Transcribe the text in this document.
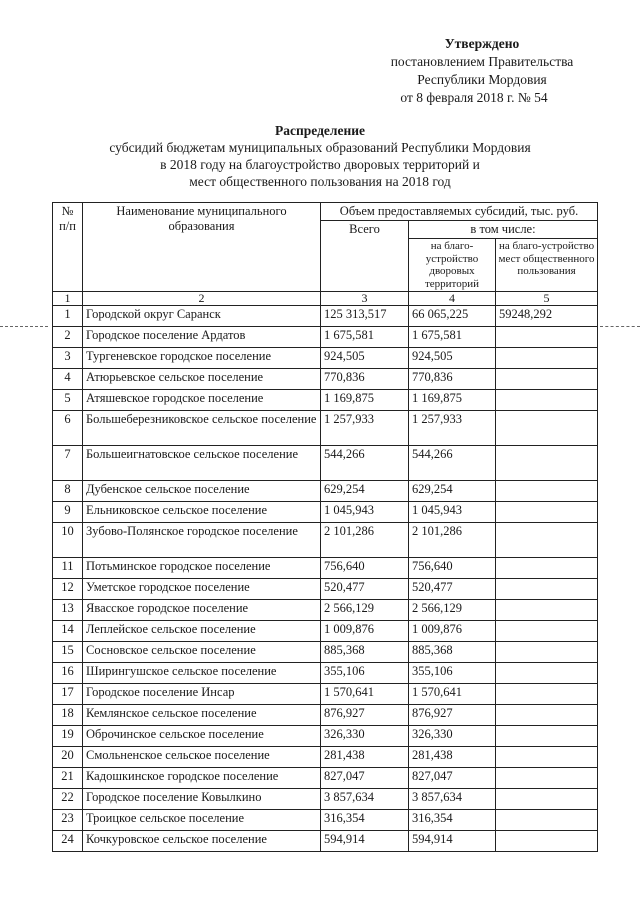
Утверждено
постановлением Правительства
Республики Мордовия
от 8 февраля 2018 г. № 54
Распределение
субсидий бюджетам муниципальных образований Республики Мордовия
в 2018 году на благоустройство дворовых территорий и
мест общественного пользования на 2018 год
№ п/п	Наименование муниципального образования	Объем предоставляемых субсидий, тыс. руб.		
		Всего	в том числе:	
			на благо-устройство дворовых территорий	на благо-устройство мест общественного пользования
1	2	3	4	5
1	Городской округ Саранск	125 313,517	66 065,225	59248,292
2	Городское поселение Ардатов	1 675,581	1 675,581	
3	Тургеневское городское поселение	924,505	924,505	
4	Атюрьевское сельское поселение	770,836	770,836	
5	Атяшевское городское поселение	1 169,875	1 169,875	
6	Большеберезниковское сельское поселение	1 257,933	1 257,933	
7	Большеигнатовское сельское поселение	544,266	544,266	
8	Дубенское сельское поселение	629,254	629,254	
9	Ельниковское сельское поселение	1 045,943	1 045,943	
10	Зубово-Полянское городское поселение	2 101,286	2 101,286	
11	Потьминское городское поселение	756,640	756,640	
12	Уметское городское поселение	520,477	520,477	
13	Явасское городское поселение	2 566,129	2 566,129	
14	Леплейское сельское поселение	1 009,876	1 009,876	
15	Сосновское сельское поселение	885,368	885,368	
16	Ширингушское сельское поселение	355,106	355,106	
17	Городское поселение Инсар	1 570,641	1 570,641	
18	Кемлянское сельское поселение	876,927	876,927	
19	Оброчинское сельское поселение	326,330	326,330	
20	Смольненское сельское поселение	281,438	281,438	
21	Кадошкинское городское поселение	827,047	827,047	
22	Городское поселение Ковылкино	3 857,634	3 857,634	
23	Троицкое сельское поселение	316,354	316,354	
24	Кочкуровское сельское поселение	594,914	594,914	
